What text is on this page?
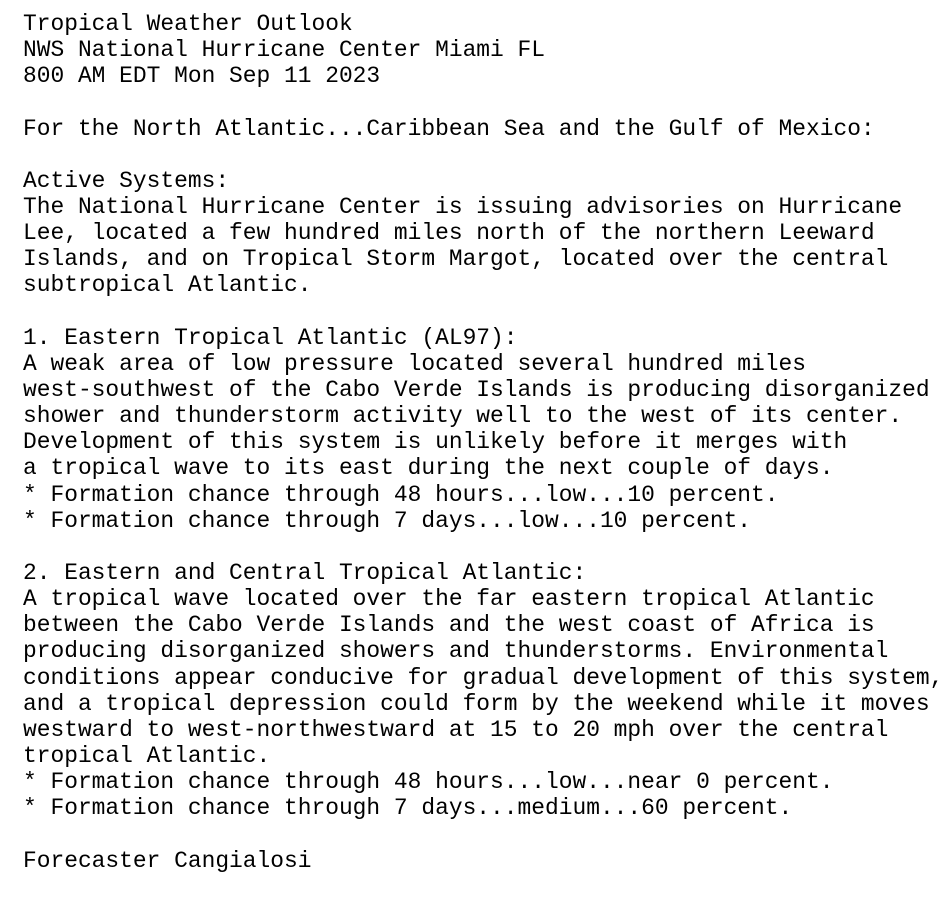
Tropical Weather Outlook
NWS National Hurricane Center Miami FL
800 AM EDT Mon Sep 11 2023
For the North Atlantic...Caribbean Sea and the Gulf of Mexico:
Active Systems:
The National Hurricane Center is issuing advisories on Hurricane
Lee, located a few hundred miles north of the northern Leeward
Islands, and on Tropical Storm Margot, located over the central
subtropical Atlantic.
1. Eastern Tropical Atlantic (AL97):
A weak area of low pressure located several hundred miles
west-southwest of the Cabo Verde Islands is producing disorganized
shower and thunderstorm activity well to the west of its center.
Development of this system is unlikely before it merges with
a tropical wave to its east during the next couple of days.
* Formation chance through 48 hours...low...10 percent.
* Formation chance through 7 days...low...10 percent.
2. Eastern and Central Tropical Atlantic:
A tropical wave located over the far eastern tropical Atlantic
between the Cabo Verde Islands and the west coast of Africa is
producing disorganized showers and thunderstorms. Environmental
conditions appear conducive for gradual development of this system,
and a tropical depression could form by the weekend while it moves
westward to west-northwestward at 15 to 20 mph over the central
tropical Atlantic.
* Formation chance through 48 hours...low...near 0 percent.
* Formation chance through 7 days...medium...60 percent.
Forecaster Cangialosi
